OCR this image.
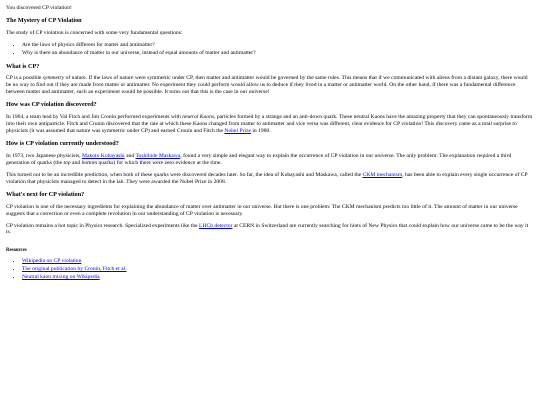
You discovered CP violation!

The Mystery of CP Violation

The study of CP violation is concerned with some very fundamental questions:

• Are the laws of physics different for matter and antimatter?
• Why is there an abundance of matter in our universe, instead of equal amounts of matter and antimatter?
What is CP?

CP is a possible symmetry of nature. If the laws of nature were symmetric under CP, then matter and antimatter would be governed by the same rules. This means that if we communicated with aliens from a distant galaxy, there would be no way to find out if they are made from matter or antimatter. No experiment they could perform would allow us to deduce if they lived in a matter or antimatter world. On the other hand, if there was a fundamental difference between matter and antimatter, such an experiment would be possible. It turns out that this is the case in our universe!

How was CP violation discovered?

In 1964, a team lead by Val Fitch and Jim Cronin performed experiments with neutral Kaons, particles formed by a strange and an anti-down quark. These neutral Kaons have the amazing property that they can spontaneously transform into their own antiparticle. Fitch and Cronin discovered that the rate at which these Kaons changed from matter to antimatter and vice versa was different, clear evidence for CP violation! This discovery came as a total surprise to physicists (it was assumed that nature was symmetric under CP) and earned Cronin and Fitch the Nobel Prize in 1980.

How is CP violation currently understood?

In 1973, two Japanese physicists, Makoto Kobayashi and Toshihide Maskawa, found a very simple and elegant way to explain the occurrence of CP violation in our universe. The only problem: The explanation required a third generation of quarks (the top and bottom quarks) for which there were zero evidence at the time.

This turned out to be an incredible prediction, when both of these quarks were discovered decades later. So far, the idea of Kobayashi and Maskawa, called the CKM mechanism, has been able to explain every single occurrence of CP violation that physicists managed to detect in the lab. They were awarded the Nobel Prize in 2008.

What's next for CP violation?

CP violation is one of the necessary ingredients for explaining the abundance of matter over antimatter in our universe. But there is one problem: The CKM mechanism predicts too little of it. The amount of matter in our universe suggests that a correction or even a complete revolution in our understanding of CP violation is necessary.

CP violation remains a hot topic in Physics research. Specialized experiments like the LHCb detector at CERN in Switzerland are currently searching for hints of New Physics that could explain how our universe came to be the way it is.

Resources
• Wikipedia on CP violation
• The original publication by Cronin, Fitch et al.
• Neutral kaon mixing on Wikipedia
